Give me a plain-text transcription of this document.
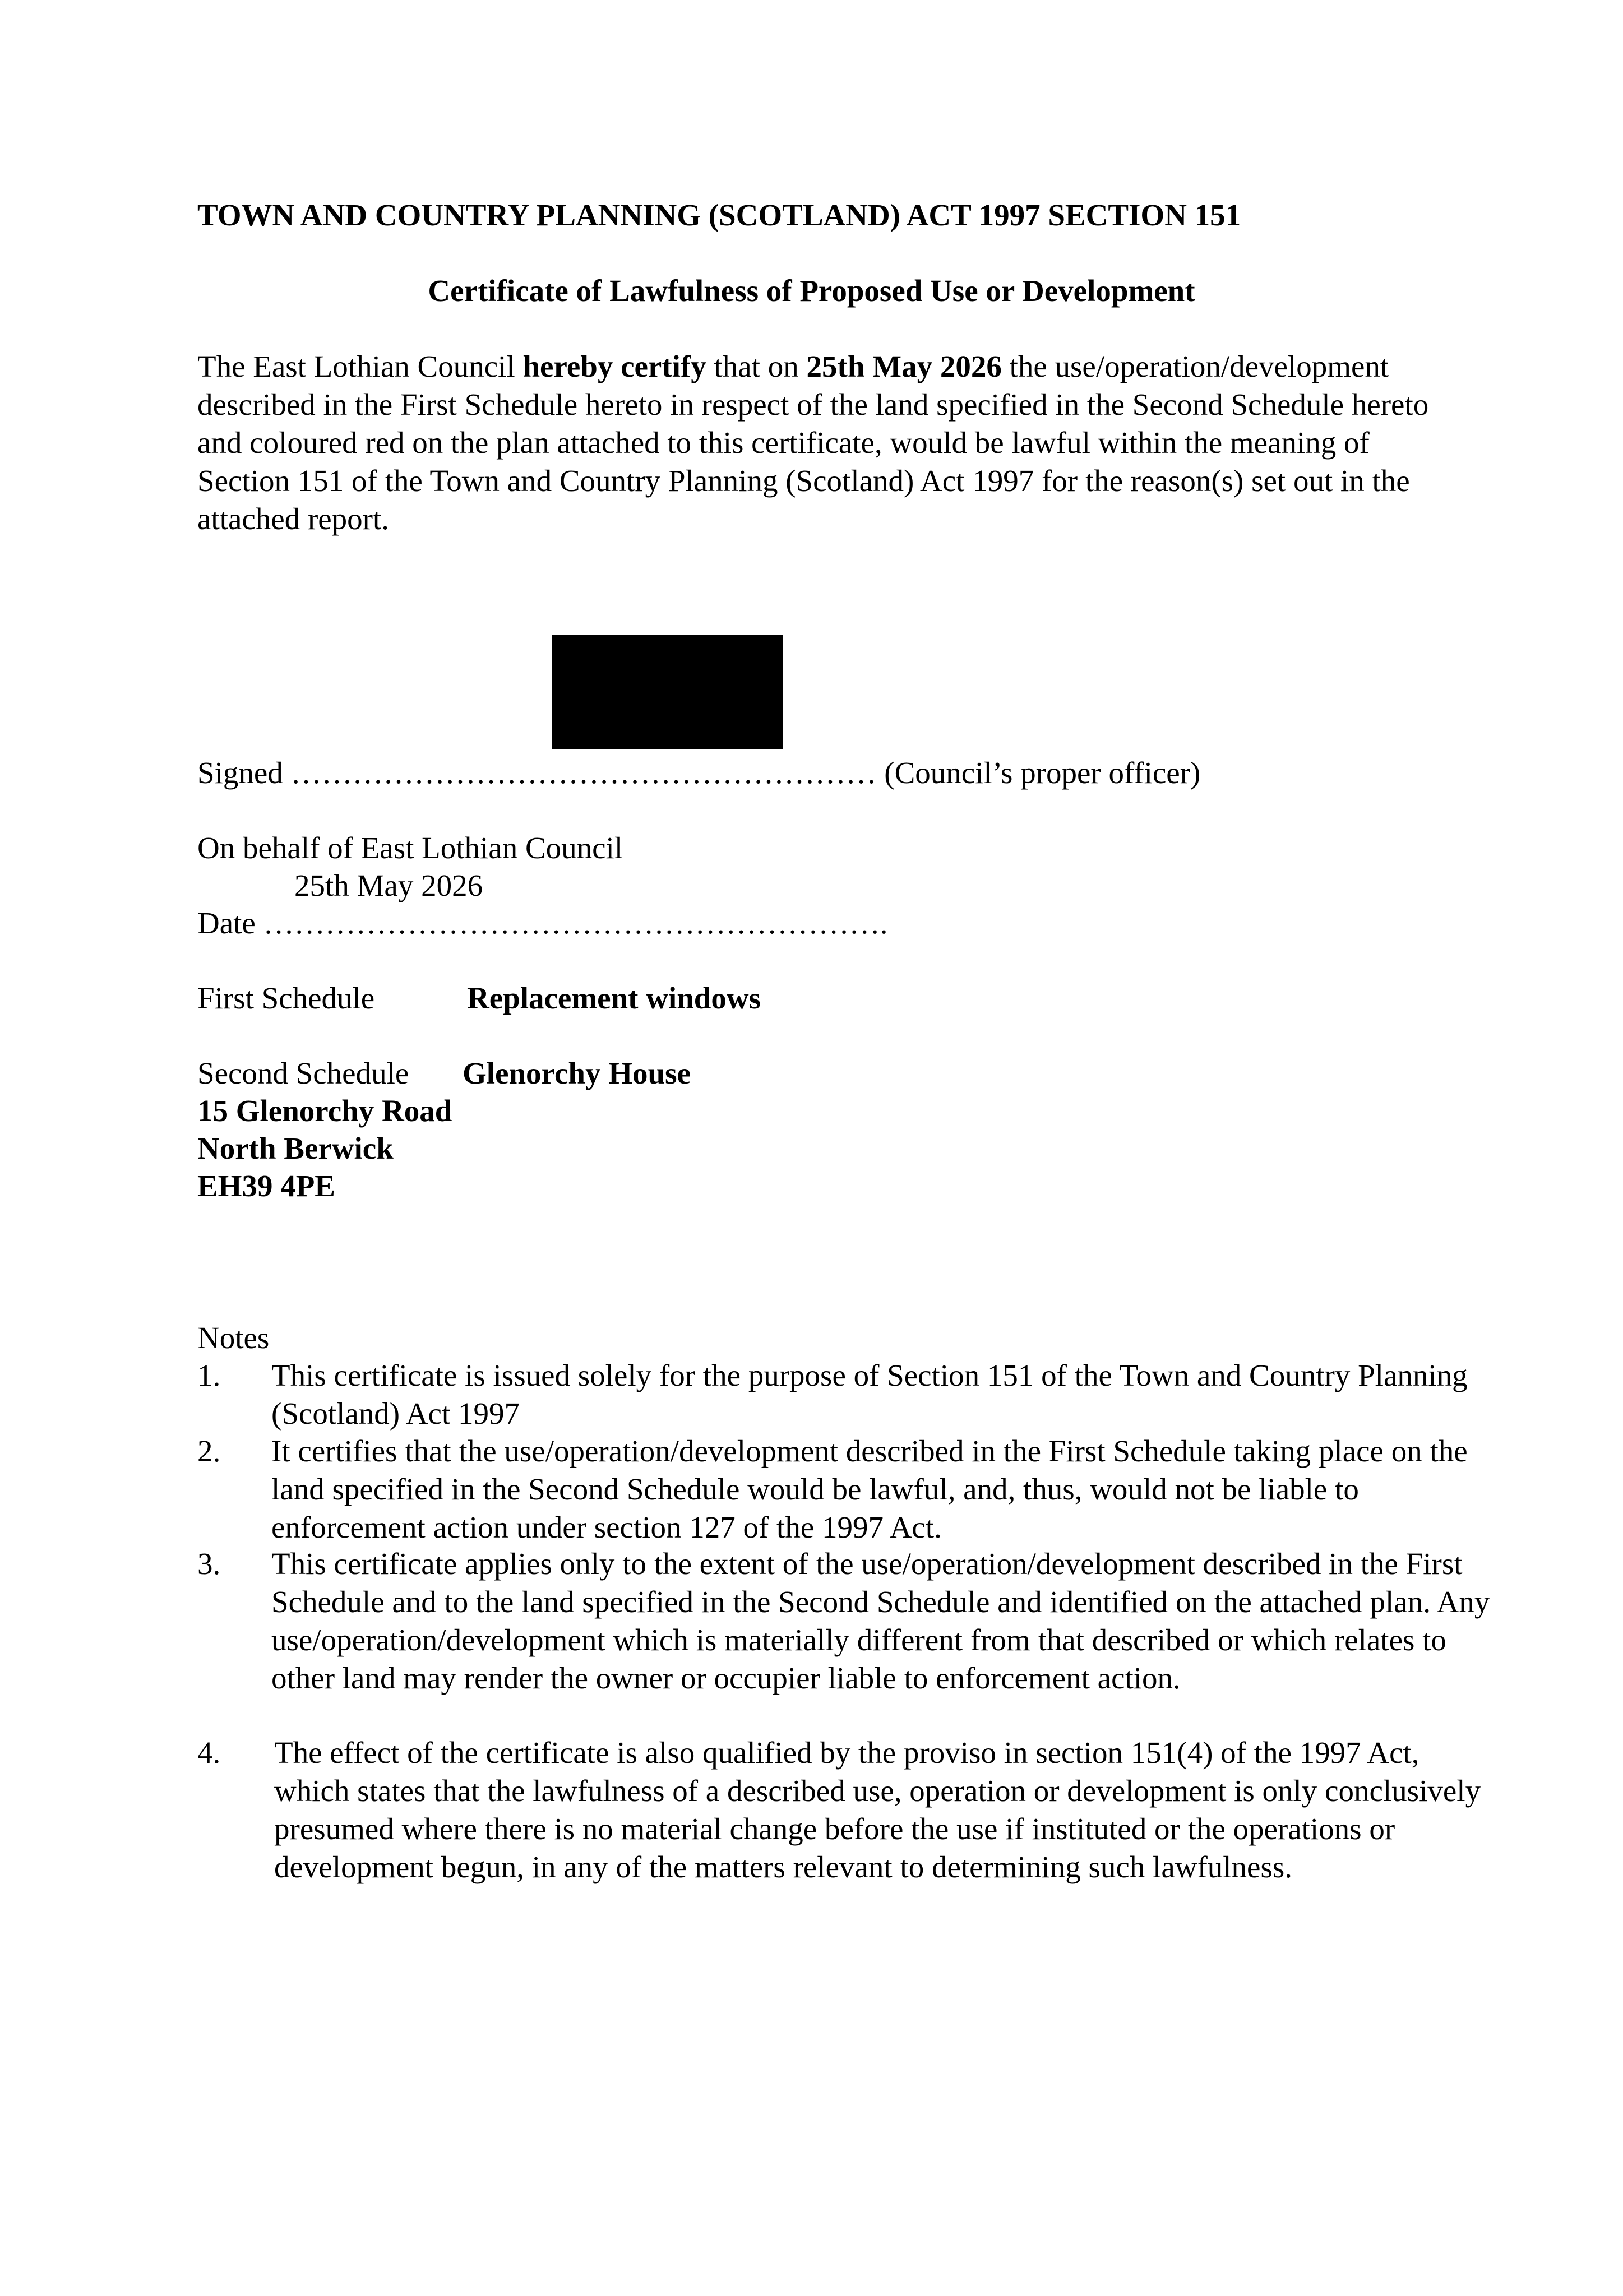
TOWN AND COUNTRY PLANNING (SCOTLAND) ACT 1997 SECTION 151
Certificate of Lawfulness of Proposed Use or Development
The East Lothian Council hereby certify that on 25th May 2026 the use/operation/development described in the First Schedule hereto in respect of the land specified in the Second Schedule hereto and coloured red on the plan attached to this certificate, would be lawful within the meaning of Section 151 of the Town and Country Planning (Scotland) Act 1997 for the reason(s) set out in the attached report.
Signed ………………………………………………… (Council’s proper officer)
On behalf of East Lothian Council
25th May 2026
Date …………………………………………………….
First Schedule	Replacement windows
Second Schedule Glenorchy House
15 Glenorchy Road
North Berwick
EH39 4PE
Notes
1. This certificate is issued solely for the purpose of Section 151 of the Town and Country Planning (Scotland) Act 1997
2. It certifies that the use/operation/development described in the First Schedule taking place on the land specified in the Second Schedule would be lawful, and, thus, would not be liable to enforcement action under section 127 of the 1997 Act.
3. This certificate applies only to the extent of the use/operation/development described in the First Schedule and to the land specified in the Second Schedule and identified on the attached plan. Any use/operation/development which is materially different from that described or which relates to other land may render the owner or occupier liable to enforcement action.
4. The effect of the certificate is also qualified by the proviso in section 151(4) of the 1997 Act, which states that the lawfulness of a described use, operation or development is only conclusively presumed where there is no material change before the use if instituted or the operations or development begun, in any of the matters relevant to determining such lawfulness.
